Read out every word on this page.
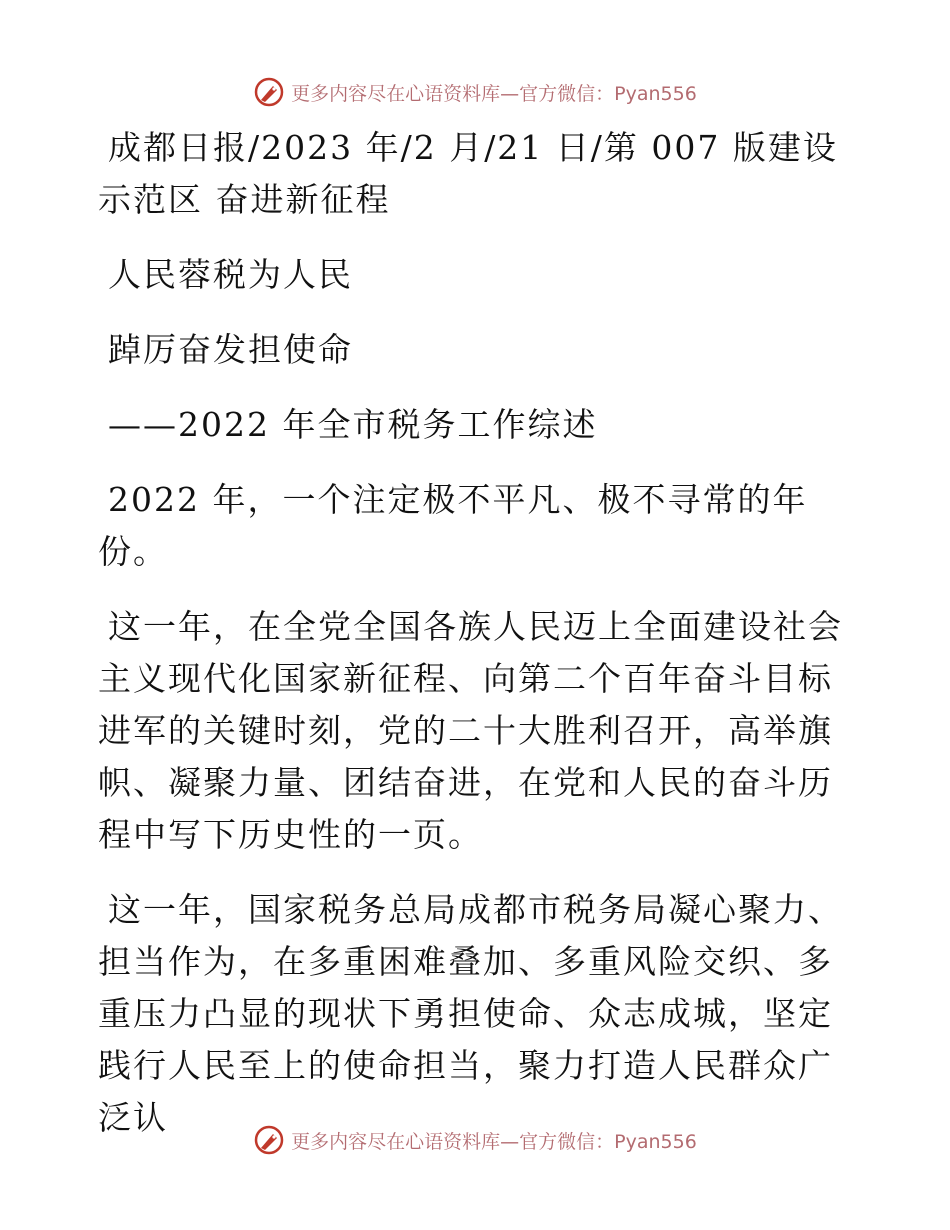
更多内容尽在心语资料库—官方微信：Pyan556

成都日报/2023 年/2 月/21 日/第 007 版建设示范区 奋进新征程

人民蓉税为人民

踔厉奋发担使命

——2022 年全市税务工作综述

2022 年，一个注定极不平凡、极不寻常的年份。

这一年，在全党全国各族人民迈上全面建设社会主义现代化国家新征程、向第二个百年奋斗目标进军的关键时刻，党的二十大胜利召开，高举旗帜、凝聚力量、团结奋进，在党和人民的奋斗历程中写下历史性的一页。

这一年，国家税务总局成都市税务局凝心聚力、担当作为，在多重困难叠加、多重风险交织、多重压力凸显的现状下勇担使命、众志成城，坚定践行人民至上的使命担当，聚力打造人民群众广泛认

更多内容尽在心语资料库—官方微信：Pyan556
